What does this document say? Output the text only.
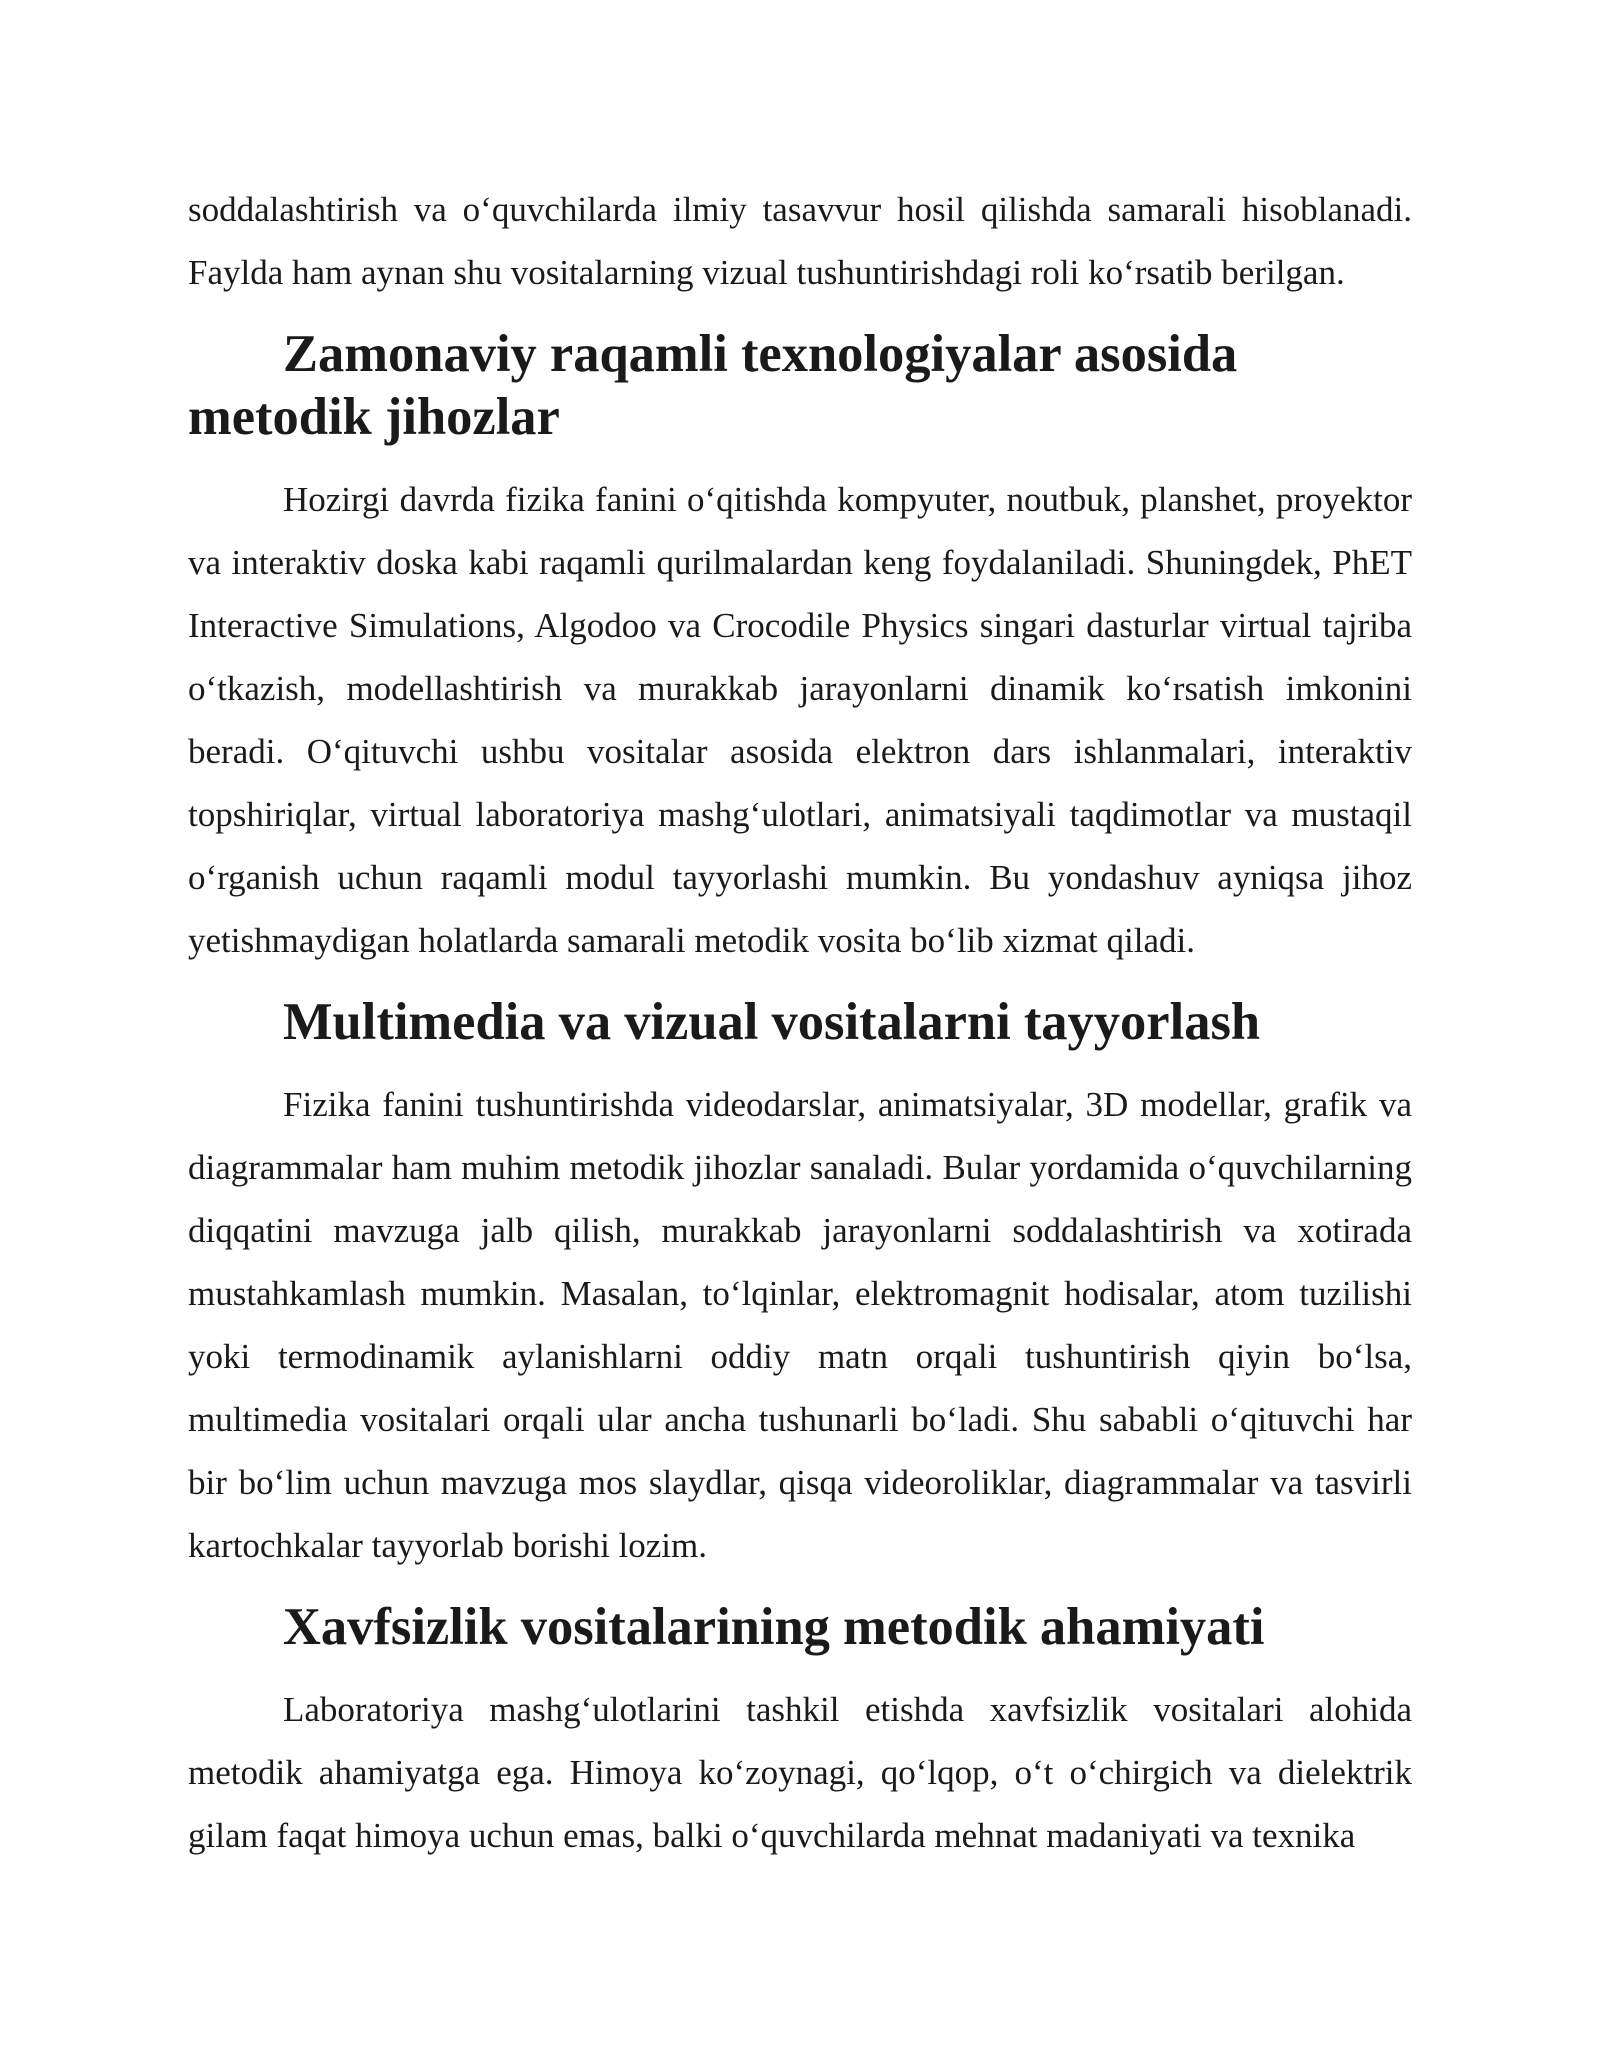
soddalashtirish va o‘quvchilarda ilmiy tasavvur hosil qilishda samarali hisoblanadi. Faylda ham aynan shu vositalarning vizual tushuntirishdagi roli ko‘rsatib berilgan.

Zamonaviy raqamli texnologiyalar asosida metodik jihozlar

Hozirgi davrda fizika fanini o‘qitishda kompyuter, noutbuk, planshet, proyektor va interaktiv doska kabi raqamli qurilmalardan keng foydalaniladi. Shuningdek, PhET Interactive Simulations, Algodoo va Crocodile Physics singari dasturlar virtual tajriba o‘tkazish, modellashtirish va murakkab jarayonlarni dinamik ko‘rsatish imkonini beradi. O‘qituvchi ushbu vositalar asosida elektron dars ishlanmalari, interaktiv topshiriqlar, virtual laboratoriya mashg‘ulotlari, animatsiyali taqdimotlar va mustaqil o‘rganish uchun raqamli modul tayyorlashi mumkin. Bu yondashuv ayniqsa jihoz yetishmaydigan holatlarda samarali metodik vosita bo‘lib xizmat qiladi.

Multimedia va vizual vositalarni tayyorlash

Fizika fanini tushuntirishda videodarslar, animatsiyalar, 3D modellar, grafik va diagrammalar ham muhim metodik jihozlar sanaladi. Bular yordamida o‘quvchilarning diqqatini mavzuga jalb qilish, murakkab jarayonlarni soddalashtirish va xotirada mustahkamlash mumkin. Masalan, to‘lqinlar, elektromagnit hodisalar, atom tuzilishi yoki termodinamik aylanishlarni oddiy matn orqali tushuntirish qiyin bo‘lsa, multimedia vositalari orqali ular ancha tushunarli bo‘ladi. Shu sababli o‘qituvchi har bir bo‘lim uchun mavzuga mos slaydlar, qisqa videoroliklar, diagrammalar va tasvirli kartochkalar tayyorlab borishi lozim.

Xavfsizlik vositalarining metodik ahamiyati

Laboratoriya mashg‘ulotlarini tashkil etishda xavfsizlik vositalari alohida metodik ahamiyatga ega. Himoya ko‘zoynagi, qo‘lqop, o‘t o‘chirgich va dielektrik gilam faqat himoya uchun emas, balki o‘quvchilarda mehnat madaniyati va texnika
